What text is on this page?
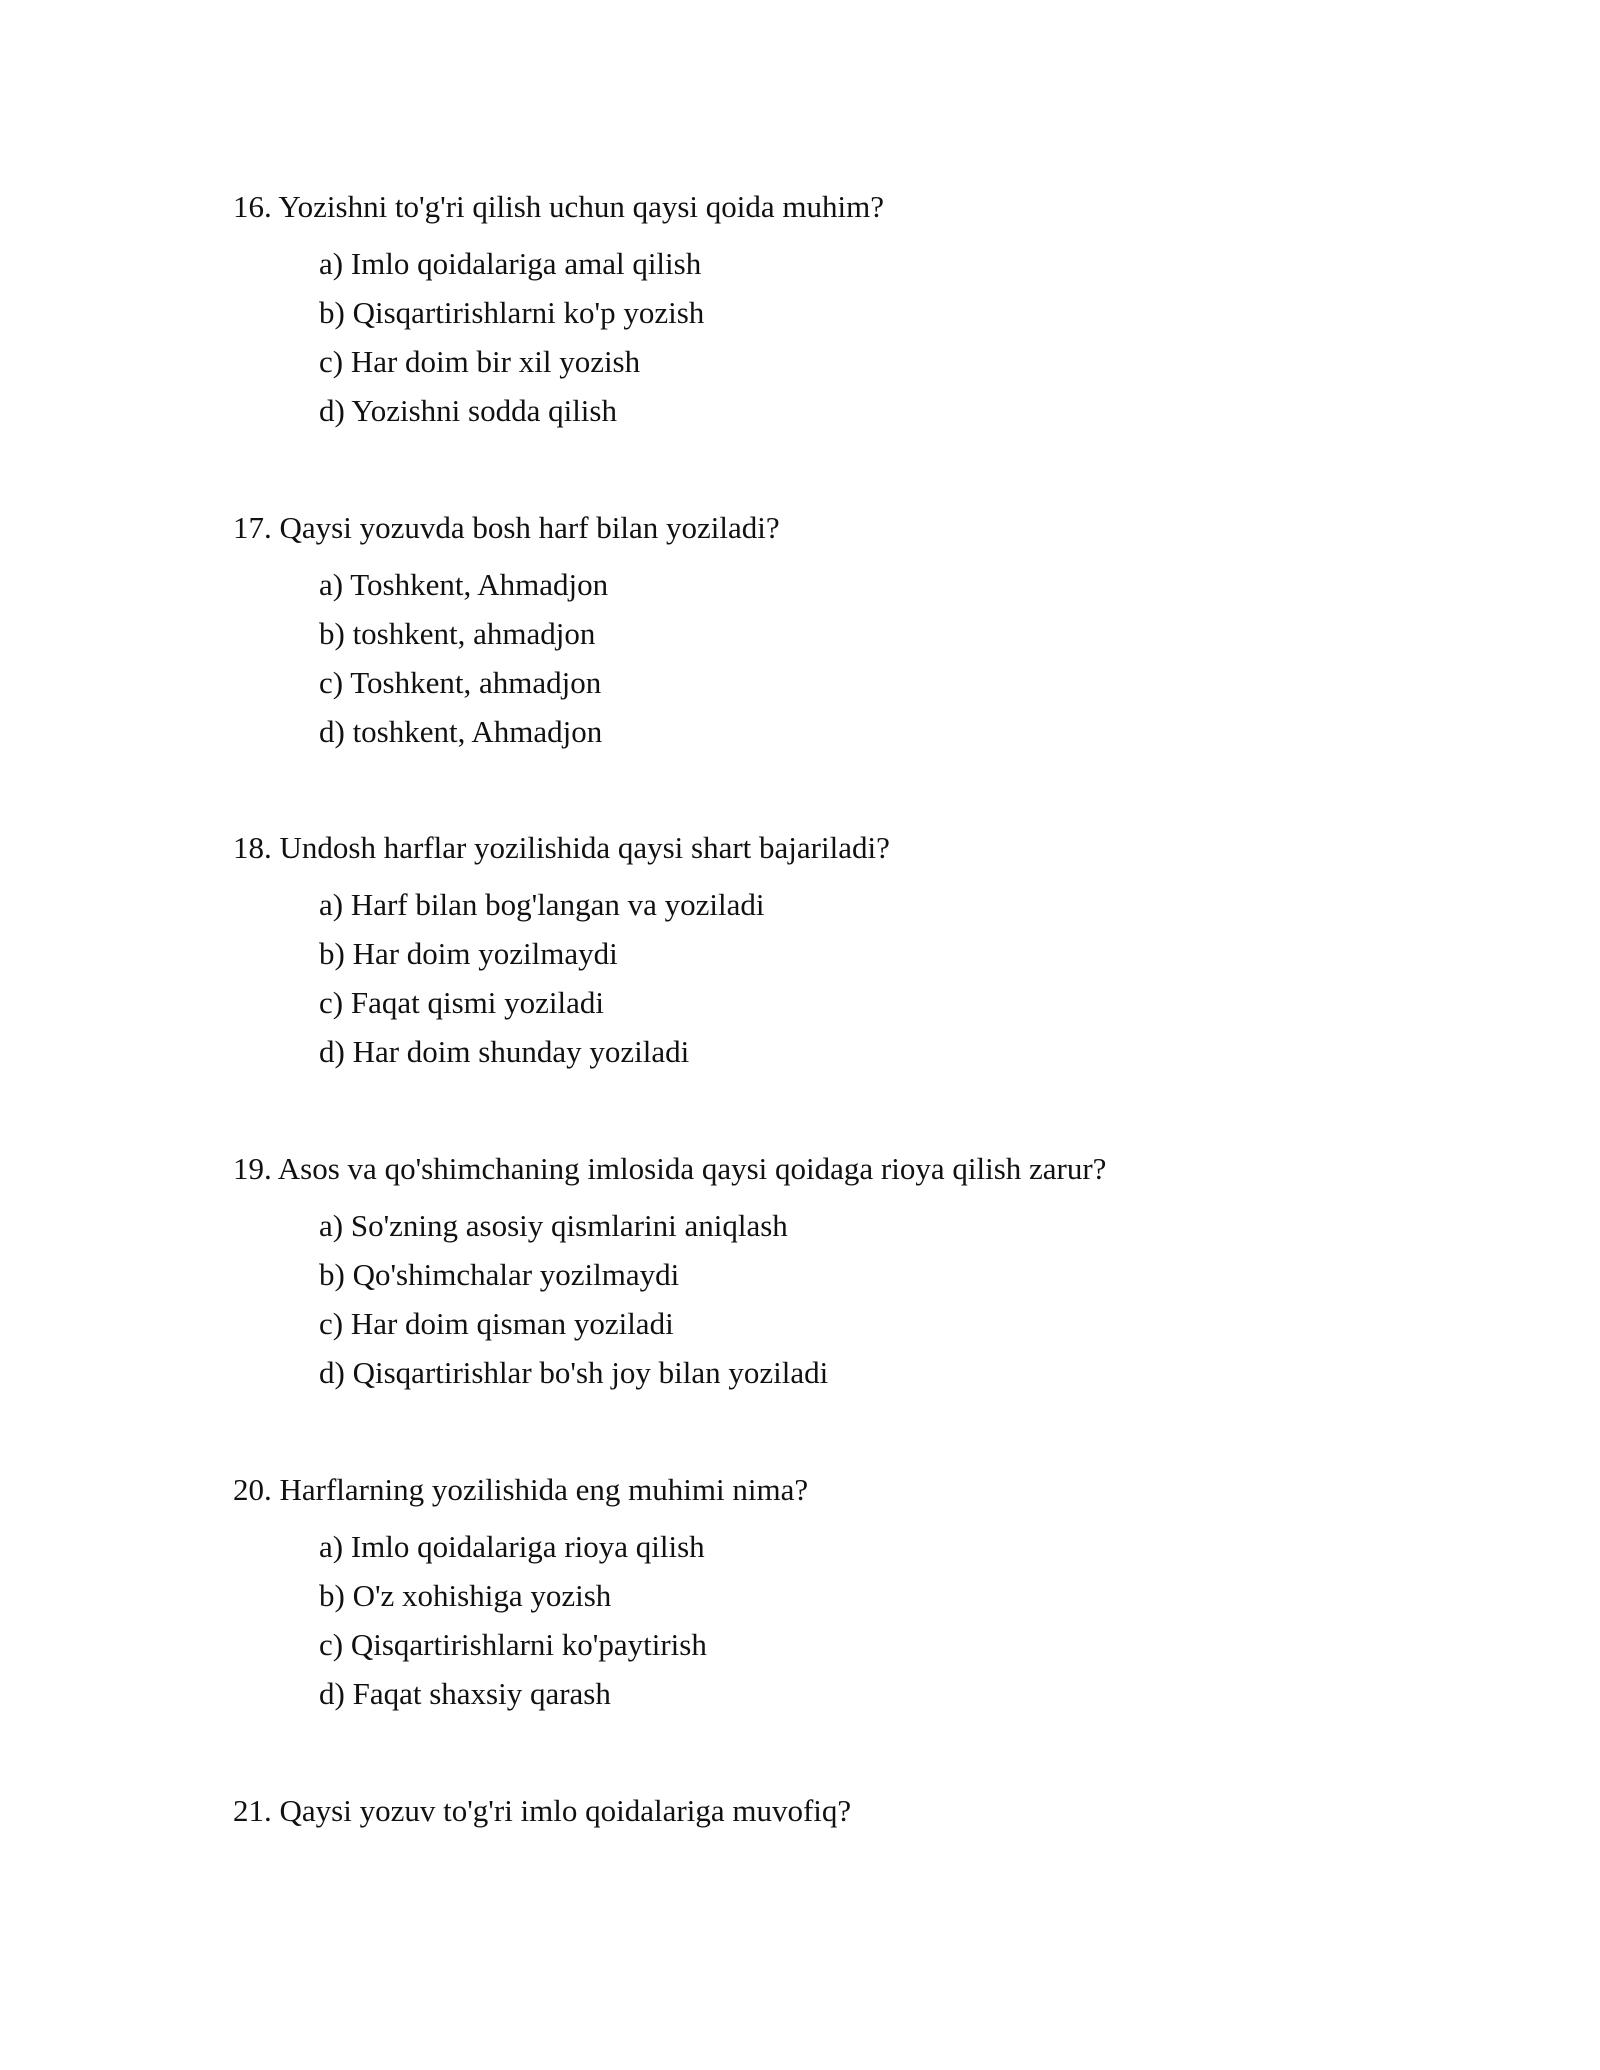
16. Yozishni to'g'ri qilish uchun qaysi qoida muhim?
a) Imlo qoidalariga amal qilish
b) Qisqartirishlarni ko'p yozish
c) Har doim bir xil yozish
d) Yozishni sodda qilish
17. Qaysi yozuvda bosh harf bilan yoziladi?
a) Toshkent, Ahmadjon
b) toshkent, ahmadjon
c) Toshkent, ahmadjon
d) toshkent, Ahmadjon
18. Undosh harflar yozilishida qaysi shart bajariladi?
a) Harf bilan bog'langan va yoziladi
b) Har doim yozilmaydi
c) Faqat qismi yoziladi
d) Har doim shunday yoziladi
19. Asos va qo'shimchaning imlosida qaysi qoidaga rioya qilish zarur?
a) So'zning asosiy qismlarini aniqlash
b) Qo'shimchalar yozilmaydi
c) Har doim qisman yoziladi
d) Qisqartirishlar bo'sh joy bilan yoziladi
20. Harflarning yozilishida eng muhimi nima?
a) Imlo qoidalariga rioya qilish
b) O'z xohishiga yozish
c) Qisqartirishlarni ko'paytirish
d) Faqat shaxsiy qarash
21. Qaysi yozuv to'g'ri imlo qoidalariga muvofiq?
